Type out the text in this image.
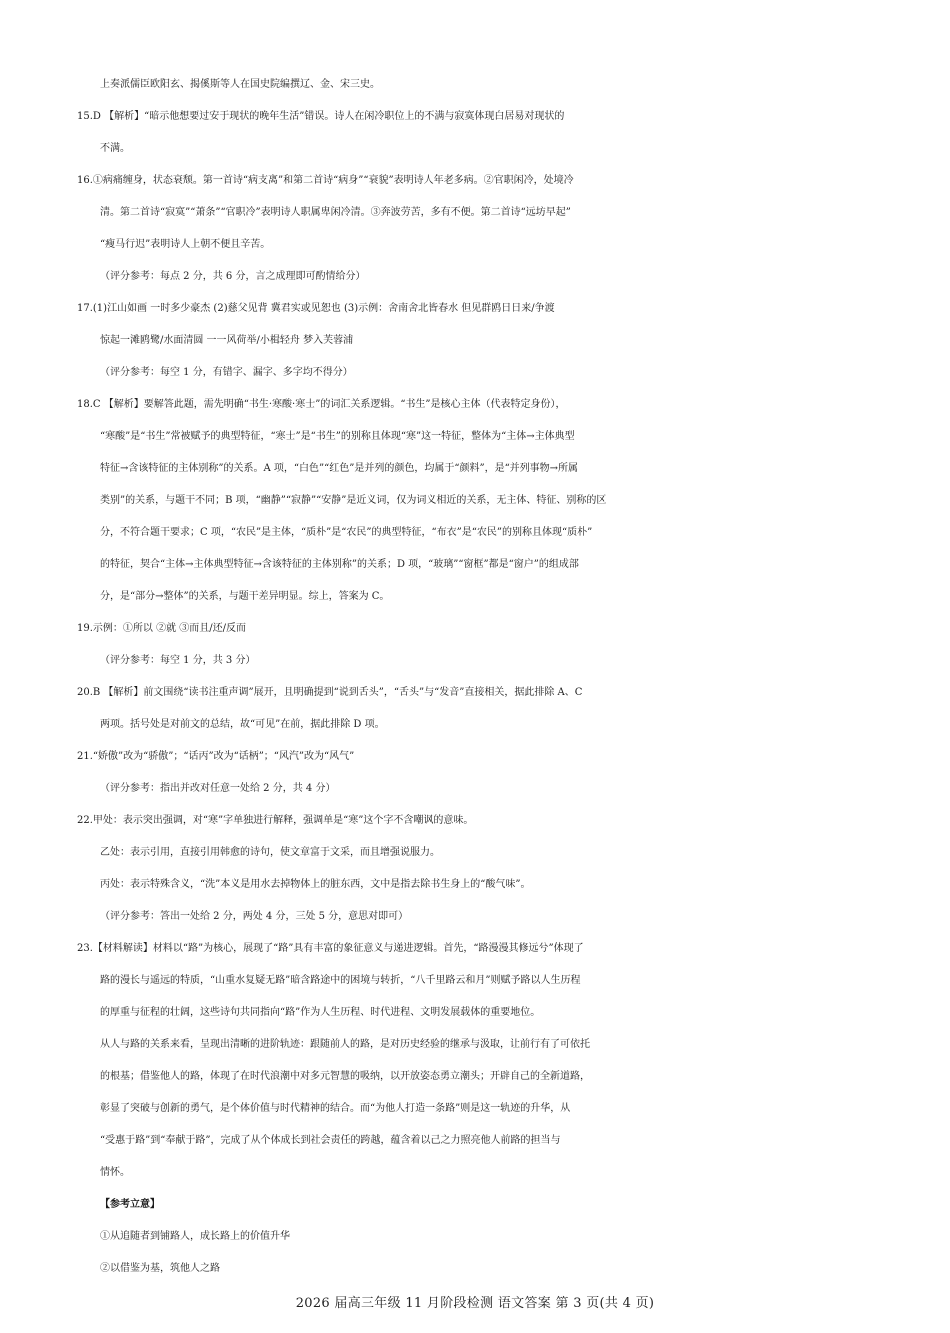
上奏派儒臣欧阳玄、揭傒斯等人在国史院编撰辽、金、宋三史。
15.D 【解析】“暗示他想要过安于现状的晚年生活”错误。诗人在闲冷职位上的不满与寂寞体现白居易对现状的
不满。
16.①病痛缠身，状态衰颓。第一首诗“病支离”和第二首诗“病身”“衰貌”表明诗人年老多病。②官职闲冷，处境冷
清。第二首诗“寂寞”“萧条”“官职冷”表明诗人职属卑闲冷清。③奔波劳苦，多有不便。第二首诗“远坊早起”
“瘦马行迟”表明诗人上朝不便且辛苦。
（评分参考：每点 2 分，共 6 分，言之成理即可酌情给分）
17.(1)江山如画 一时多少豪杰 (2)慈父见背 冀君实或见恕也 (3)示例：舍南舍北皆春水 但见群鸥日日来/争渡
惊起一滩鸥鹭/水面清圆 一一风荷举/小楫轻舟 梦入芙蓉浦
（评分参考：每空 1 分，有错字、漏字、多字均不得分）
18.C 【解析】要解答此题，需先明确“书生·寒酸·寒士”的词汇关系逻辑。“书生”是核心主体（代表特定身份），
“寒酸”是“书生”常被赋予的典型特征，“寒士”是“书生”的别称且体现“寒”这一特征，整体为“主体→主体典型
特征→含该特征的主体别称”的关系。A 项，“白色”“红色”是并列的颜色，均属于“颜料”，是“并列事物→所属
类别”的关系，与题干不同；B 项，“幽静”“寂静”“安静”是近义词，仅为词义相近的关系，无主体、特征、别称的区
分，不符合题干要求；C 项，“农民”是主体，“质朴”是“农民”的典型特征，“布衣”是“农民”的别称且体现“质朴”
的特征，契合“主体→主体典型特征→含该特征的主体别称”的关系；D 项，“玻璃”“窗框”都是“窗户”的组成部
分，是“部分→整体”的关系，与题干差异明显。综上，答案为 C。
19.示例：①所以 ②就 ③而且/还/反而
（评分参考：每空 1 分，共 3 分）
20.B 【解析】前文围绕“读书注重声调”展开，且明确提到“说到舌头”，“舌头”与“发音”直接相关，据此排除 A、C
两项。括号处是对前文的总结，故“可见”在前，据此排除 D 项。
21.“娇傲”改为“骄傲”；“话丙”改为“话柄”；“风汽”改为“风气”
（评分参考：指出并改对任意一处给 2 分，共 4 分）
22.甲处：表示突出强调，对“寒”字单独进行解释，强调单是“寒”这个字不含嘲讽的意味。
乙处：表示引用，直接引用韩愈的诗句，使文章富于文采，而且增强说服力。
丙处：表示特殊含义，“洗”本义是用水去掉物体上的脏东西，文中是指去除书生身上的“酸气味”。
（评分参考：答出一处给 2 分，两处 4 分，三处 5 分，意思对即可）
23.【材料解读】材料以“路”为核心，展现了“路”具有丰富的象征意义与递进逻辑。首先，“路漫漫其修远兮”体现了
路的漫长与遥远的特质，“山重水复疑无路”暗含路途中的困境与转折，“八千里路云和月”则赋予路以人生历程
的厚重与征程的壮阔，这些诗句共同指向“路”作为人生历程、时代进程、文明发展载体的重要地位。
从人与路的关系来看，呈现出清晰的进阶轨迹：跟随前人的路，是对历史经验的继承与汲取，让前行有了可依托
的根基；借鉴他人的路，体现了在时代浪潮中对多元智慧的吸纳，以开放姿态勇立潮头；开辟自己的全新道路，
彰显了突破与创新的勇气，是个体价值与时代精神的结合。而“为他人打造一条路”则是这一轨迹的升华，从
“受惠于路”到“奉献于路”，完成了从个体成长到社会责任的跨越，蕴含着以己之力照亮他人前路的担当与
情怀。
【参考立意】
①从追随者到铺路人，成长路上的价值升华
②以借鉴为基，筑他人之路
2026 届高三年级 11 月阶段检测 语文答案 第 3 页(共 4 页)
